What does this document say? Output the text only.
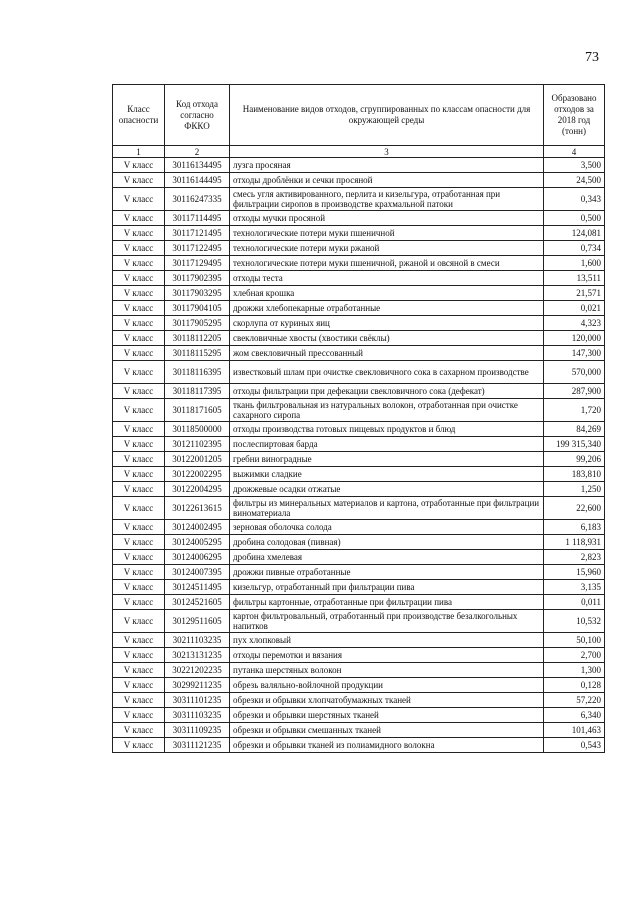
73
Класс опасности	Код отхода согласно ФККО	Наименование видов отходов, сгруппированных по классам опасности для окружающей среды	Образовано отходов за 2018 год (тонн)
1	2	3	4
V класс	30116134495	лузга просяная	3,500
V класс	30116144495	отходы дроблёнки и сечки просяной	24,500
V класс	30116247335	смесь угля активированного, перлита и кизельгура, отработанная при фильтрации сиропов в производстве крахмальной патоки	0,343
V класс	30117114495	отходы мучки просяной	0,500
V класс	30117121495	технологические потери муки пшеничной	124,081
V класс	30117122495	технологические потери муки ржаной	0,734
V класс	30117129495	технологические потери муки пшеничной, ржаной и овсяной в смеси	1,600
V класс	30117902395	отходы теста	13,511
V класс	30117903295	хлебная крошка	21,571
V класс	30117904105	дрожжи хлебопекарные отработанные	0,021
V класс	30117905295	скорлупа от куриных яиц	4,323
V класс	30118112205	свекловичные хвосты (хвостики свёклы)	120,000
V класс	30118115295	жом свекловичный прессованный	147,300
V класс	30118116395	известковый шлам при очистке свекловичного сока в сахарном производстве	570,000
V класс	30118117395	отходы фильтрации при дефекации свекловичного сока (дефекат)	287,900
V класс	30118171605	ткань фильтровальная из натуральных волокон, отработанная при очистке сахарного сиропа	1,720
V класс	30118500000	отходы производства готовых пищевых продуктов и блюд	84,269
V класс	30121102395	послеспиртовая барда	199 315,340
V класс	30122001205	гребни виноградные	99,206
V класс	30122002295	выжимки сладкие	183,810
V класс	30122004295	дрожжевые осадки отжатые	1,250
V класс	30122613615	фильтры из минеральных материалов и картона, отработанные при фильтрации виноматериала	22,600
V класс	30124002495	зерновая оболочка солода	6,183
V класс	30124005295	дробина солодовая (пивная)	1 118,931
V класс	30124006295	дробина хмелевая	2,823
V класс	30124007395	дрожжи пивные отработанные	15,960
V класс	30124511495	кизельгур, отработанный при фильтрации пива	3,135
V класс	30124521605	фильтры картонные, отработанные при фильтрации пива	0,011
V класс	30129511605	картон фильтровальный, отработанный при производстве безалкогольных напитков	10,532
V класс	30211103235	пух хлопковый	50,100
V класс	30213131235	отходы перемотки и вязания	2,700
V класс	30221202235	путанка шерстяных волокон	1,300
V класс	30299211235	обрезь валяльно-войлочной продукции	0,128
V класс	30311101235	обрезки и обрывки хлопчатобумажных тканей	57,220
V класс	30311103235	обрезки и обрывки шерстяных тканей	6,340
V класс	30311109235	обрезки и обрывки смешанных тканей	101,463
V класс	30311121235	обрезки и обрывки тканей из полиамидного волокна	0,543
